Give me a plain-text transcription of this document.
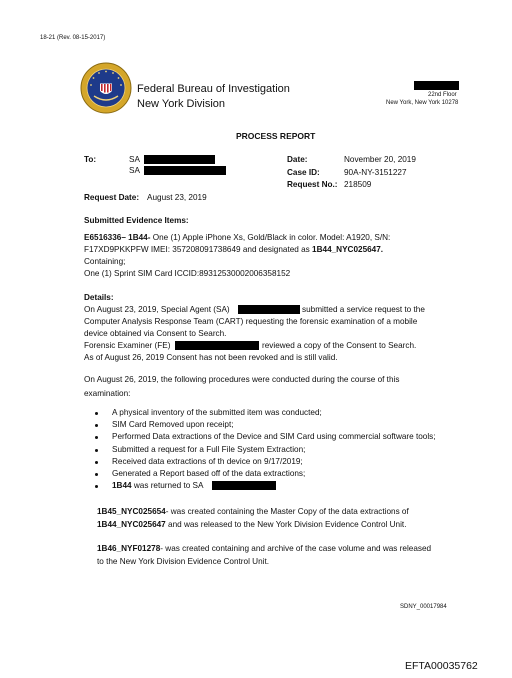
18-21 (Rev. 08-15-2017)
Federal Bureau of Investigation
New York Division
22nd Floor
New York, New York 10278
PROCESS REPORT
To:	SA
SA
Date:	November 20, 2019
Case ID:	90A-NY-3151227
Request No.: 218509
Request Date: August 23, 2019
Submitted Evidence Items:
E6516336– 1B44- One (1) Apple iPhone Xs, Gold/Black in color. Model: A1920, S/N:
F17XD9PKKPFW IMEI: 357208091738649 and designated as 1B44_NYC025647.
Containing;
One (1) Sprint SIM Card ICCID:89312530002006358152
Details:
On August 23, 2019, Special Agent (SA)	submitted a service request to the
Computer Analysis Response Team (CART) requesting the forensic examination of a mobile
device obtained via Consent to Search.
Forensic Examiner (FE)	reviewed a copy of the Consent to Search.
As of August 26, 2019 Consent has not been revoked and is still valid.
On August 26, 2019, the following procedures were conducted during the course of this
examination:
A physical inventory of the submitted item was conducted;
SIM Card Removed upon receipt;
Performed Data extractions of the Device and SIM Card using commercial software tools;
Submitted a request for a Full File System Extraction;
Received data extractions of th device on 9/17/2019;
Generated a Report based off of the data extractions;
1B44 was returned to SA
1B45_NYC025654- was created containing the Master Copy of the data extractions of
1B44_NYC025647 and was released to the New York Division Evidence Control Unit.
1B46_NYF01278- was created containing and archive of the case volume and was released
to the New York Division Evidence Control Unit.
SDNY_00017984
EFTA00035762
